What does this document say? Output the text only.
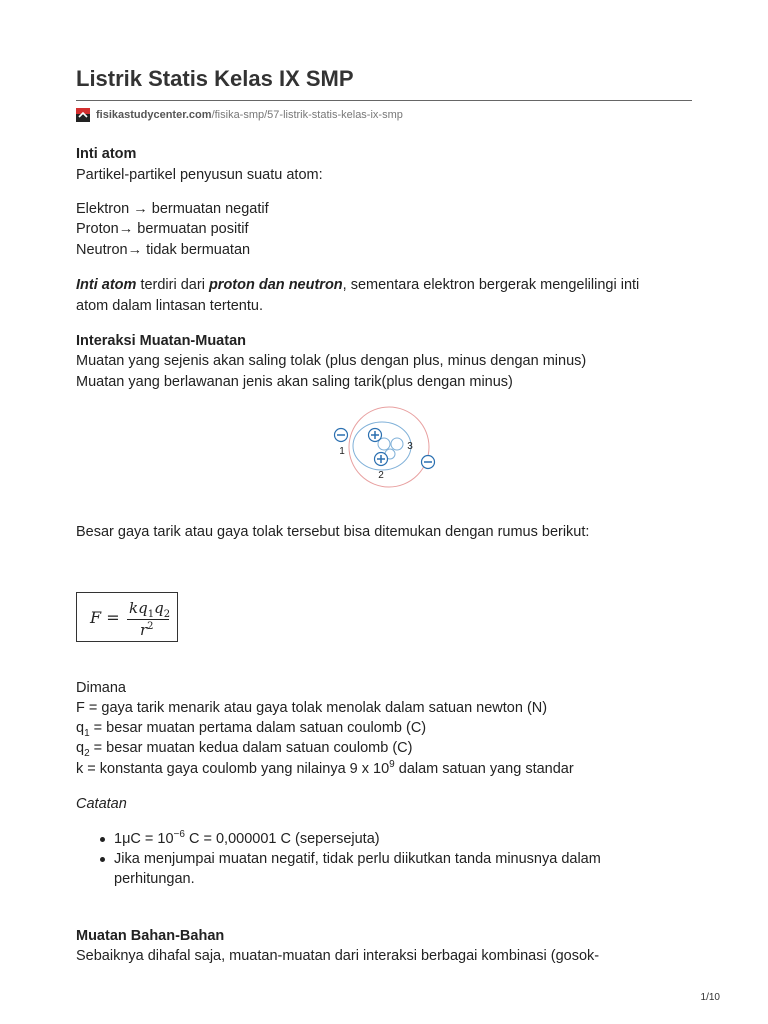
Listrik Statis Kelas IX SMP
fisikastudycenter.com /fisika-smp/57-listrik-statis-kelas-ix-smp
Inti atom
Partikel-partikel penyusun suatu atom:
Elektron → bermuatan negatif
Proton→ bermuatan positif
Neutron→ tidak bermuatan
Inti atom terdiri dari proton dan neutron, sementara elektron bergerak mengelilingi inti
atom dalam lintasan tertentu.
Interaksi Muatan-Muatan
Muatan yang sejenis akan saling tolak (plus dengan plus, minus dengan minus)
Muatan yang berlawanan jenis akan saling tarik(plus dengan minus)
1
2
3
Besar gaya tarik atau gaya tolak tersebut bisa ditemukan dengan rumus berikut:
$F = kq_1q_2$
$r^2$
Dimana
F = gaya tarik menarik atau gaya tolak menolak dalam satuan newton (N)
$q_1$ = besar muatan pertama dalam satuan coulomb (C)
$q_2$ = besar muatan kedua dalam satuan coulomb (C)
k = konstanta gaya coulomb yang nilainya 9 x $10^9$ dalam satuan yang standar
Catatan
$1\mu C = 10^{-6}$ C = 0,000001 C (sepersejuta)
Jika menjumpai muatan negatif, tidak perlu diikutkan tanda minusnya dalam
perhitungan.
Muatan Bahan-Bahan
Sebaiknya dihafal saja, muatan-muatan dari interaksi berbagai kombinasi (gosok-
1/10
